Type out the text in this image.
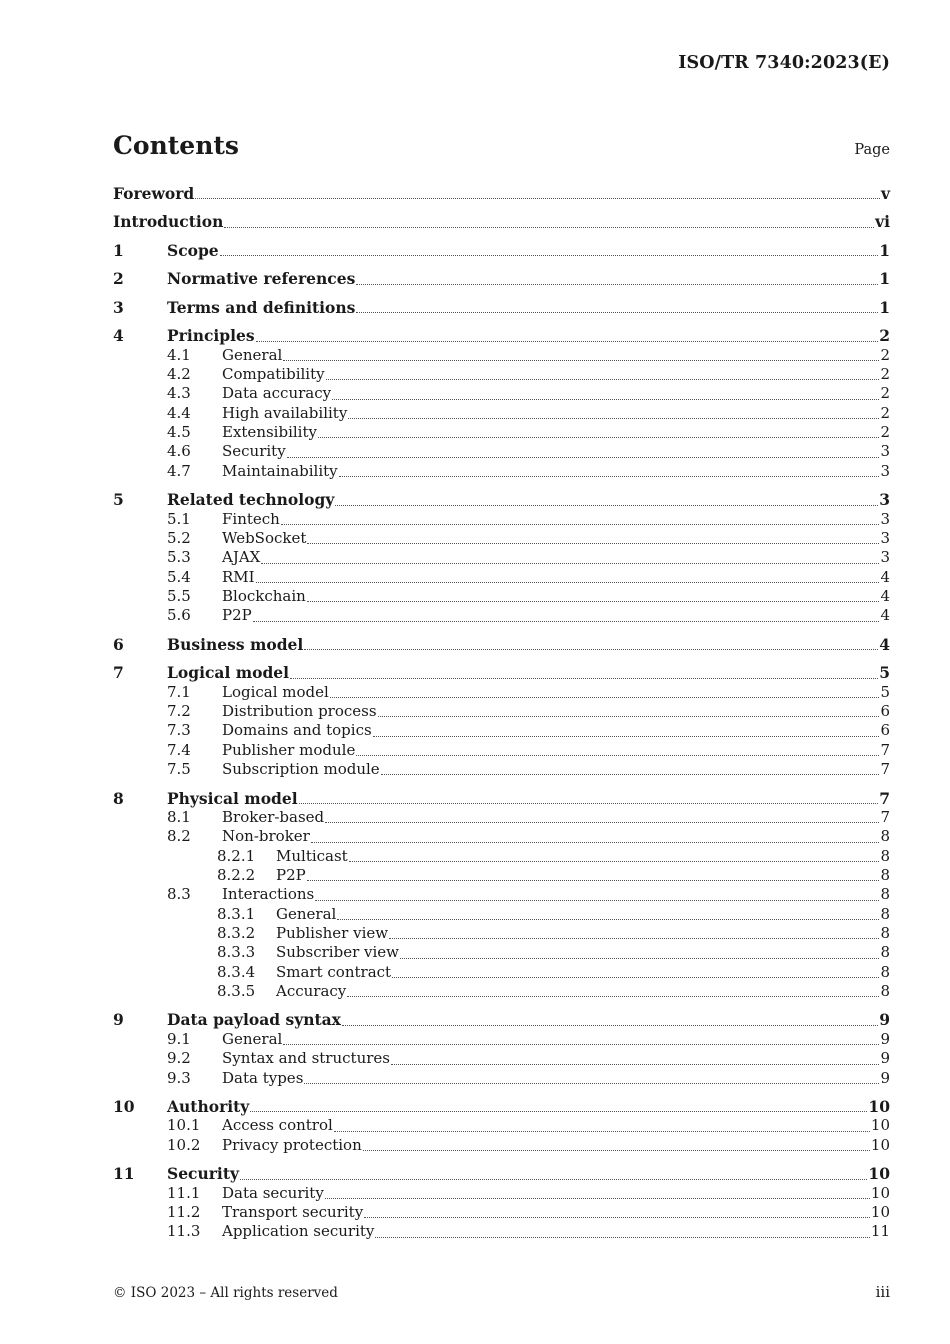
ISO/TR 7340:2023(E)
Contents	Page
Foreword	v
Introduction	vi
1	Scope	1
2	Normative references	1
3	Terms and definitions	1
4	Principles	2
4.1	General	2
4.2	Compatibility	2
4.3	Data accuracy	2
4.4	High availability	2
4.5	Extensibility	2
4.6	Security	3
4.7	Maintainability	3
5	Related technology	3
5.1	Fintech	3
5.2	WebSocket	3
5.3	AJAX	3
5.4	RMI	4
5.5	Blockchain	4
5.6	P2P	4
6	Business model	4
7	Logical model	5
7.1	Logical model	5
7.2	Distribution process	6
7.3	Domains and topics	6
7.4	Publisher module	7
7.5	Subscription module	7
8	Physical model	7
8.1	Broker-based	7
8.2	Non-broker	8
8.2.1	Multicast	8
8.2.2	P2P	8
8.3	Interactions	8
8.3.1	General	8
8.3.2	Publisher view	8
8.3.3	Subscriber view	8
8.3.4	Smart contract	8
8.3.5	Accuracy	8
9	Data payload syntax	9
9.1	General	9
9.2	Syntax and structures	9
9.3	Data types	9
10	Authority	10
10.1	Access control	10
10.2	Privacy protection	10
11	Security	10
11.1	Data security	10
11.2	Transport security	10
11.3	Application security	11
© ISO 2023 – All rights reserved	iii
